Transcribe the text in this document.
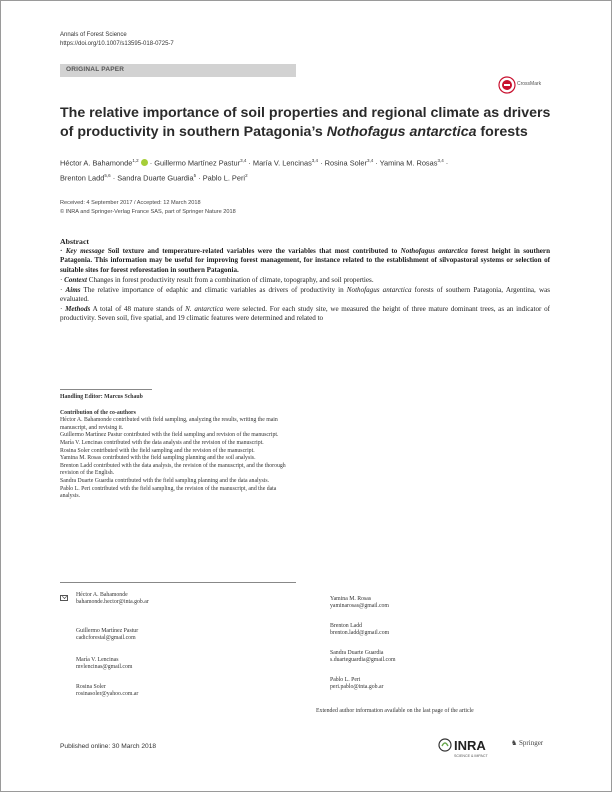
Annals of Forest Science
https://doi.org/10.1007/s13595-018-0725-7
ORIGINAL PAPER
CrossMark
The relative importance of soil properties and regional climate as drivers
of productivity in southern Patagonia’s Nothofagus antarctica forests
Héctor A. Bahamonde$^{1,2}$  · Guillermo Martínez Pastur$^{3,4}$ · María V. Lencinas$^{3,4}$ · Rosina Soler$^{3,4}$ · Yamina M. Rosas$^{3,4}$ ·
Brenton Ladd$^{5,6}$ · Sandra Duarte Guardia$^5$ · Pablo L. Peri$^2$
Received: 4 September 2017 / Accepted: 12 March 2018
© INRA and Springer-Verlag France SAS, part of Springer Nature 2018
Abstract

· Key message Soil texture and temperature-related variables were the variables that most contributed to Nothofagus antarctica forest height in southern Patagonia. This information may be useful for improving forest management, for instance related to the establishment of silvopastoral systems or selection of suitable sites for forest reforestation in southern Patagonia.

· Context Changes in forest productivity result from a combination of climate, topography, and soil properties.

· Aims The relative importance of edaphic and climatic variables as drivers of productivity in Nothofagus antarctica forests of southern Patagonia, Argentina, was evaluated.

· Methods A total of 48 mature stands of N. antarctica were selected. For each study site, we measured the height of three mature dominant trees, as an indicator of productivity. Seven soil, five spatial, and 19 climatic features were determined and related to

Handling Editor: Marcus Schaub
Contribution of the co-authors

Héctor A. Bahamonde contributed with field sampling, analyzing the results, writing the main manuscript, and revising it.

Guillermo Martínez Pastur contributed with the field sampling and revision of the manuscript.

María V. Lencinas contributed with the data analysis and the revision of the manuscript.

Rosina Soler contributed with the field sampling and the revision of the manuscript.

Yamina M. Rosas contributed with the field sampling planning and the soil analysis.

Brenton Ladd contributed with the data analysis, the revision of the manuscript, and the thorough revision of the English.

Sandra Duarte Guardia contributed with the field sampling planning and the data analysis.

Pablo L. Peri contributed with the field sampling, the revision of the manuscript, and the data analysis.

Héctor A. Bahamonde
bahamonde.hector@inta.gob.ar
Guillermo Martínez Pastur
cadicforestal@gmail.com
María V. Lencinas
mvlencinas@gmail.com
Rosina Soler
rosinasoler@yahoo.com.ar
Yamina M. Rosas
yaminarosas@gmail.com
Brenton Ladd
brenton.ladd@gmail.com
Sandra Duarte Guardia
s.duarteguardia@gmail.com
Pablo L. Peri
peri.pablo@inta.gob.ar
Extended author information available on the last page of the article
Published online: 30 March 2018	INRA
SCIENCE & IMPACT
♞ Springer
